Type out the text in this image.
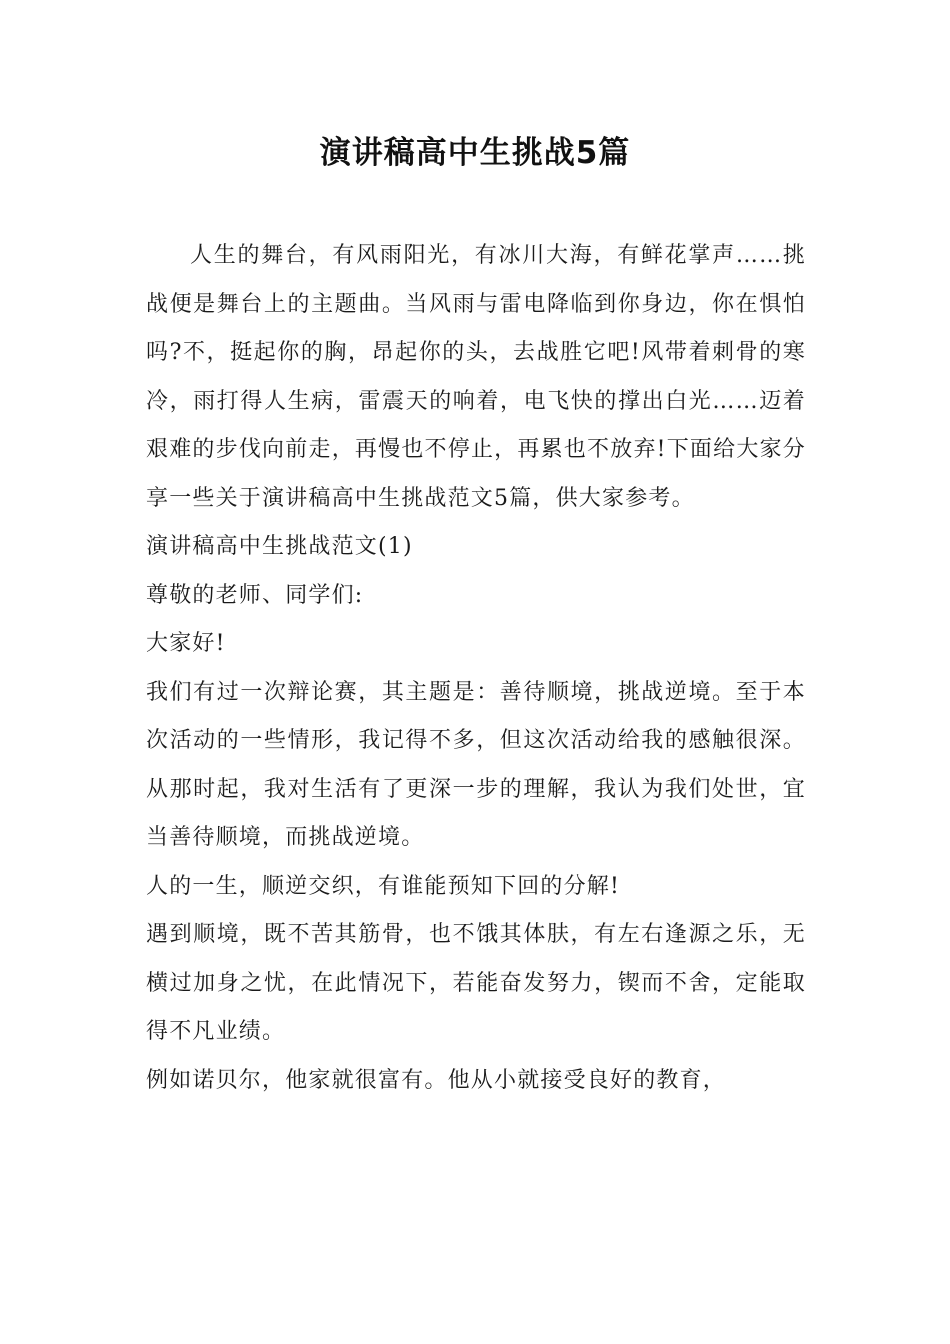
演讲稿高中生挑战5篇

人生的舞台，有风雨阳光，有冰川大海，有鲜花掌声……挑战便是舞台上的主题曲。当风雨与雷电降临到你身边，你在惧怕吗?不，挺起你的胸，昂起你的头，去战胜它吧!风带着刺骨的寒冷，雨打得人生病，雷震天的响着，电飞快的撑出白光……迈着艰难的步伐向前走，再慢也不停止，再累也不放弃!下面给大家分享一些关于演讲稿高中生挑战范文5篇，供大家参考。

演讲稿高中生挑战范文(1)

尊敬的老师、同学们:

大家好!

我们有过一次辩论赛，其主题是：善待顺境，挑战逆境。至于本次活动的一些情形，我记得不多，但这次活动给我的感触很深。从那时起，我对生活有了更深一步的理解，我认为我们处世，宜当善待顺境，而挑战逆境。

人的一生，顺逆交织，有谁能预知下回的分解!

遇到顺境，既不苦其筋骨，也不饿其体肤，有左右逢源之乐，无横过加身之忧，在此情况下，若能奋发努力，锲而不舍，定能取得不凡业绩。

例如诺贝尔，他家就很富有。他从小就接受良好的教育，
